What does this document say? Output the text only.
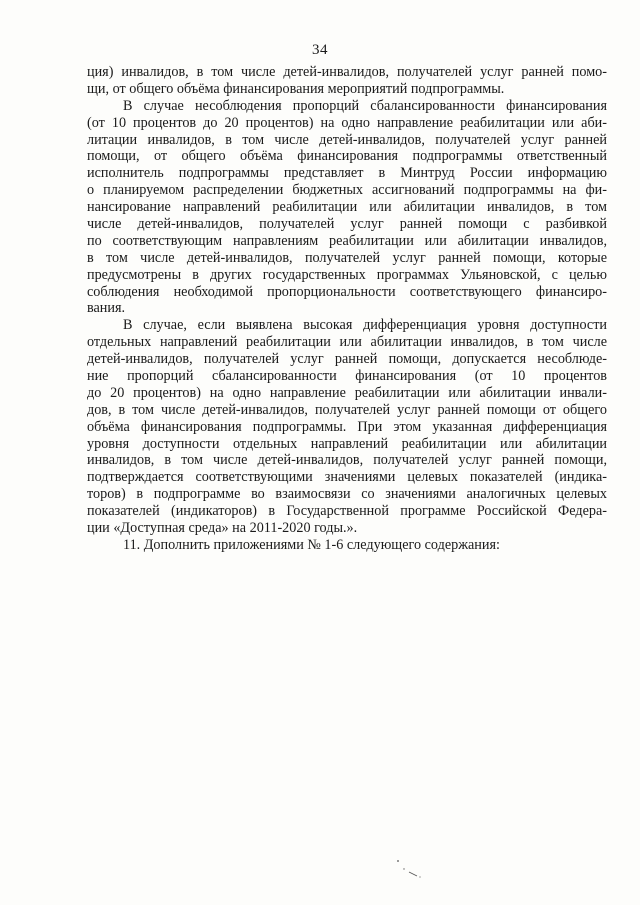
34
ция) инвалидов, в том числе детей-инвалидов, получателей услуг ранней помо-
щи, от общего объёма финансирования мероприятий подпрограммы.
В случае несоблюдения пропорций сбалансированности финансирования
(от 10 процентов до 20 процентов) на одно направление реабилитации или аби-
литации инвалидов, в том числе детей-инвалидов, получателей услуг ранней
помощи, от общего объёма финансирования подпрограммы ответственный
исполнитель подпрограммы представляет в Минтруд России информацию
о планируемом распределении бюджетных ассигнований подпрограммы на фи-
нансирование направлений реабилитации или абилитации инвалидов, в том
числе детей-инвалидов, получателей услуг ранней помощи с разбивкой
по соответствующим направлениям реабилитации или абилитации инвалидов,
в том числе детей-инвалидов, получателей услуг ранней помощи, которые
предусмотрены в других государственных программах Ульяновской, с целью
соблюдения необходимой пропорциональности соответствующего финансиро-
вания.
В случае, если выявлена высокая дифференциация уровня доступности
отдельных направлений реабилитации или абилитации инвалидов, в том числе
детей-инвалидов, получателей услуг ранней помощи, допускается несоблюде-
ние пропорций сбалансированности финансирования (от 10 процентов
до 20 процентов) на одно направление реабилитации или абилитации инвали-
дов, в том числе детей-инвалидов, получателей услуг ранней помощи от общего
объёма финансирования подпрограммы. При этом указанная дифференциация
уровня доступности отдельных направлений реабилитации или абилитации
инвалидов, в том числе детей-инвалидов, получателей услуг ранней помощи,
подтверждается соответствующими значениями целевых показателей (индика-
торов) в подпрограмме во взаимосвязи со значениями аналогичных целевых
показателей (индикаторов) в Государственной программе Российской Федера-
ции «Доступная среда» на 2011-2020 годы.».
11. Дополнить приложениями № 1-6 следующего содержания:
